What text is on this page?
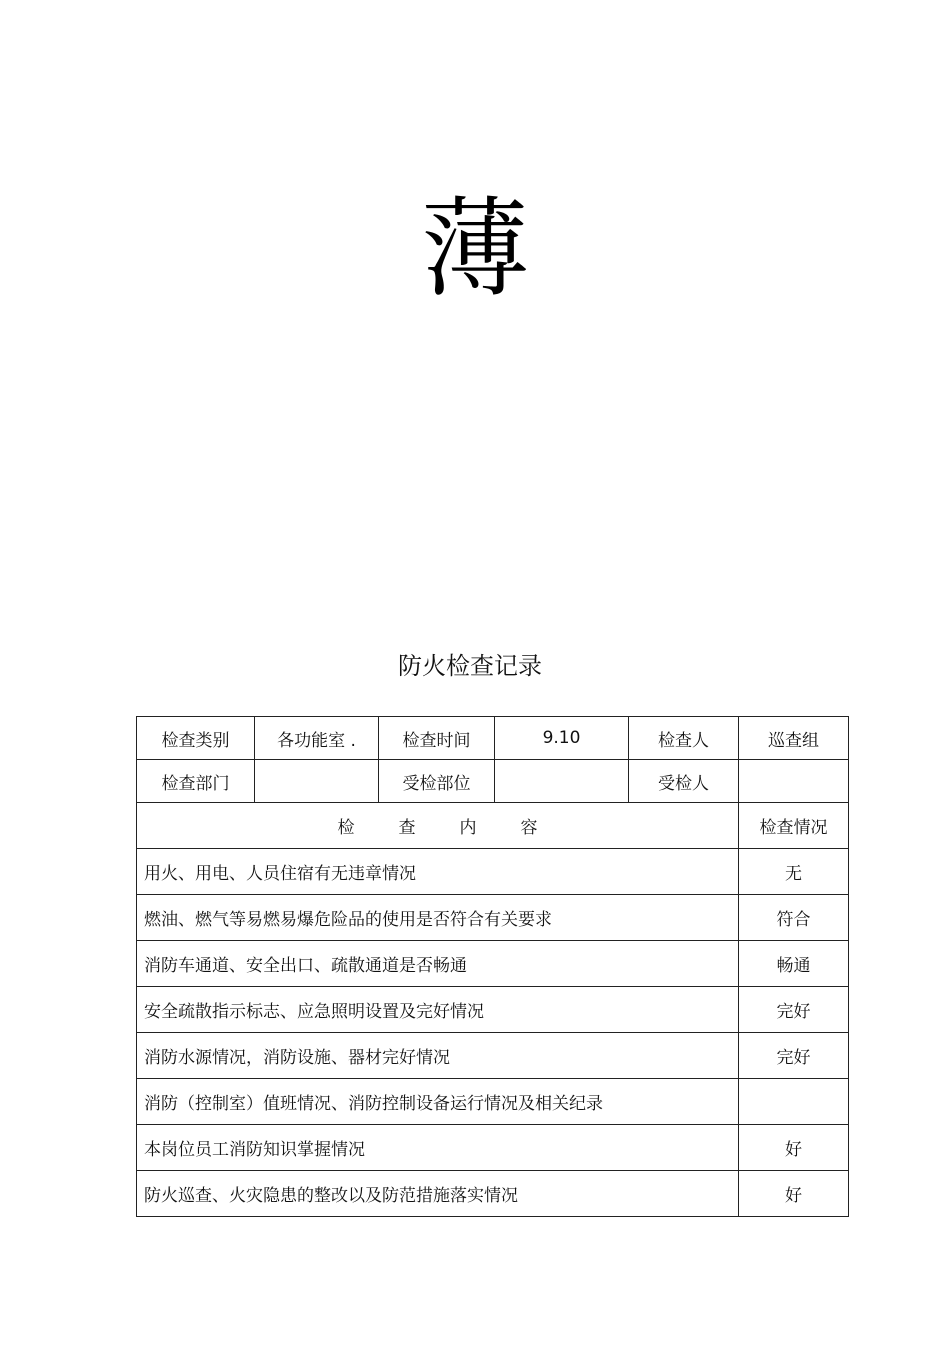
薄
防火检查记录
检查类别	各功能室 .	检查时间	9.10	检查人	巡查组
检查部门		受检部位		受检人	
检查内容					检查情况
用火、用电、人员住宿有无违章情况					无
燃油、燃气等易燃易爆危险品的使用是否符合有关要求					符合
消防车通道、安全出口、疏散通道是否畅通					畅通
安全疏散指示标志、应急照明设置及完好情况					完好
消防水源情况，消防设施、器材完好情况					完好
消防（控制室）值班情况、消防控制设备运行情况及相关纪录					
本岗位员工消防知识掌握情况					好
防火巡查、火灾隐患的整改以及防范措施落实情况					好
